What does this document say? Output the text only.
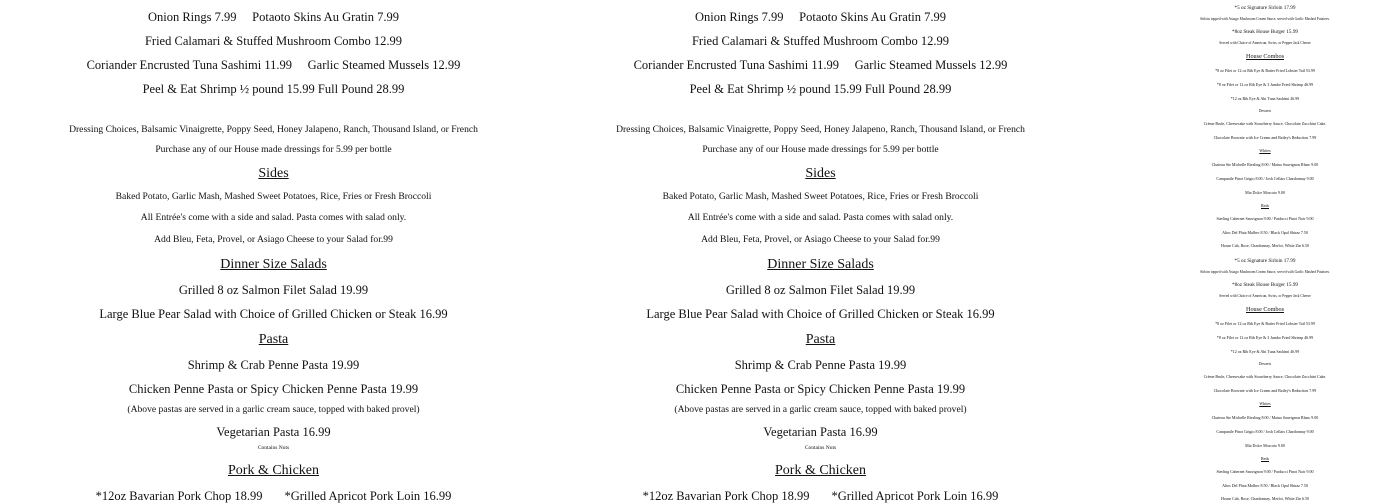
Onion Rings 7.99 Potaoto Skins Au Gratin 7.99
Fried Calamari & Stuffed Mushroom Combo 12.99
Coriander Encrusted Tuna Sashimi 11.99 Garlic Steamed Mussels 12.99
Peel & Eat Shrimp ½ pound 15.99 Full Pound 28.99
Dressing Choices, Balsamic Vinaigrette, Poppy Seed, Honey Jalapeno, Ranch, Thousand Island, or French
Purchase any of our House made dressings for 5.99 per bottle
Sides
Baked Potato, Garlic Mash, Mashed Sweet Potatoes, Rice, Fries or Fresh Broccoli
All Entrée's come with a side and salad. Pasta comes with salad only.
Add Bleu, Feta, Provel, or Asiago Cheese to your Salad for.99
Dinner Size Salads
Grilled 8 oz Salmon Filet Salad 19.99
Large Blue Pear Salad with Choice of Grilled Chicken or Steak 16.99
Pasta
Shrimp & Crab Penne Pasta 19.99
Chicken Penne Pasta or Spicy Chicken Penne Pasta 19.99
(Above pastas are served in a garlic cream sauce, topped with baked provel)
Vegetarian Pasta 16.99
Contains Nuts
Pork & Chicken
*12oz Bavarian Pork Chop 18.99 *Grilled Apricot Pork Loin 16.99
Onion Rings 7.99 Potaoto Skins Au Gratin 7.99
Fried Calamari & Stuffed Mushroom Combo 12.99
Coriander Encrusted Tuna Sashimi 11.99 Garlic Steamed Mussels 12.99
Peel & Eat Shrimp ½ pound 15.99 Full Pound 28.99
Dressing Choices, Balsamic Vinaigrette, Poppy Seed, Honey Jalapeno, Ranch, Thousand Island, or French
Purchase any of our House made dressings for 5.99 per bottle
Sides
Baked Potato, Garlic Mash, Mashed Sweet Potatoes, Rice, Fries or Fresh Broccoli
All Entrée's come with a side and salad. Pasta comes with salad only.
Add Bleu, Feta, Provel, or Asiago Cheese to your Salad for.99
Dinner Size Salads
Grilled 8 oz Salmon Filet Salad 19.99
Large Blue Pear Salad with Choice of Grilled Chicken or Steak 16.99
Pasta
Shrimp & Crab Penne Pasta 19.99
Chicken Penne Pasta or Spicy Chicken Penne Pasta 19.99
(Above pastas are served in a garlic cream sauce, topped with baked provel)
Vegetarian Pasta 16.99
Contains Nuts
Pork & Chicken
*12oz Bavarian Pork Chop 18.99 *Grilled Apricot Pork Loin 16.99
*5 oz Signature Sirloin 17.99
Sirloin topped with Asiago Mushroom Cream Sauce, served with Garlic Mashed Potatoes.
*8oz Steak House Burger 15.99
Served with Choice of American, Swiss, or Pepper Jack Cheese
House Combos
*8 oz Filet or 12 oz Rib Eye & Batter Fried Lobster Tail 53.99
*8 oz Filet or 12 oz Rib Eye & 3 Jumbo Fried Shrimp 46.99
*12 oz Rib Eye & Ahi Tuna Sashimi 46.99
Desserts
Crème Brule, Cheesecake with Strawberry Sauce, Chocolate Zucchini Cake.
Chocolate Brownie with Ice Cream and Bailey's Reduction 7.99
Whites
Chateau Ste Michelle Riesling 8.00 / Matua Sauvignon Blanc 9.00
Campanile Pinot Grigio 8.00 / Josh Cellars Chardonnay 9.00
Mia Dolce Moscato 9.00
Reds
Sterling Cabernet Sauvignon 9.00 / Parducci Pinot Noir 9.00
Altos Del Plata Malbec 8.50 / Black Opal Shiraz 7.50
House Cab, Rose, Chardonnay, Merlot, White Zin 6.50
*5 oz Signature Sirloin 17.99
Sirloin topped with Asiago Mushroom Cream Sauce, served with Garlic Mashed Potatoes.
*8oz Steak House Burger 15.99
Served with Choice of American, Swiss, or Pepper Jack Cheese
House Combos
*8 oz Filet or 12 oz Rib Eye & Batter Fried Lobster Tail 53.99
*8 oz Filet or 12 oz Rib Eye & 3 Jumbo Fried Shrimp 46.99
*12 oz Rib Eye & Ahi Tuna Sashimi 46.99
Desserts
Crème Brule, Cheesecake with Strawberry Sauce, Chocolate Zucchini Cake.
Chocolate Brownie with Ice Cream and Bailey's Reduction 7.99
Whites
Chateau Ste Michelle Riesling 8.00 / Matua Sauvignon Blanc 9.00
Campanile Pinot Grigio 8.00 / Josh Cellars Chardonnay 9.00
Mia Dolce Moscato 9.00
Reds
Sterling Cabernet Sauvignon 9.00 / Parducci Pinot Noir 9.00
Altos Del Plata Malbec 8.50 / Black Opal Shiraz 7.50
House Cab, Rose, Chardonnay, Merlot, White Zin 6.50
